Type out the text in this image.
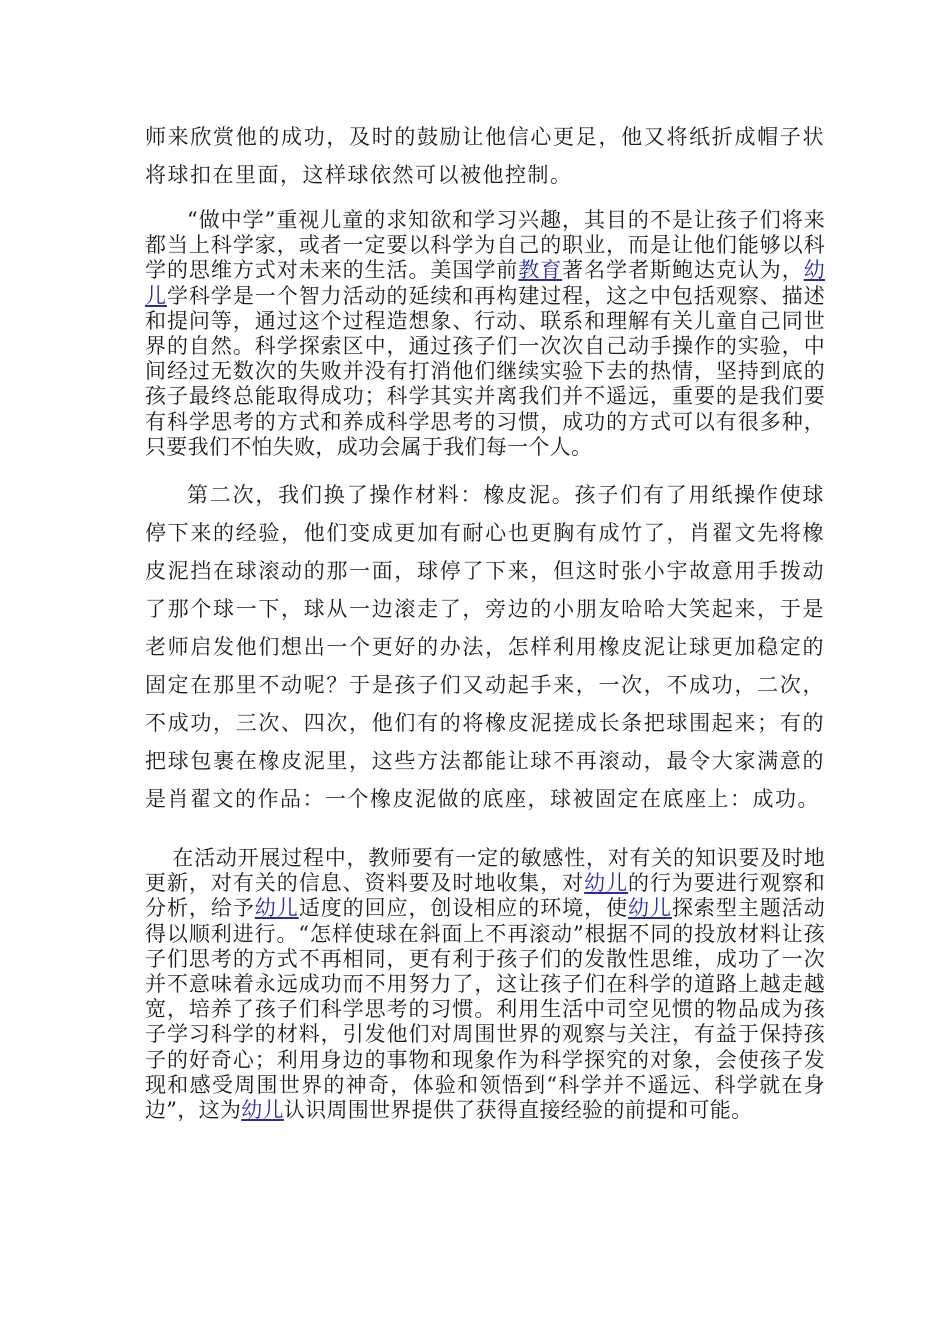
师来欣赏他的成功，及时的鼓励让他信心更足，他又将纸折成帽子状将球扣在里面，这样球依然可以被他控制。

“做中学”重视儿童的求知欲和学习兴趣，其目的不是让孩子们将来都当上科学家，或者一定要以科学为自己的职业，而是让他们能够以科学的思维方式对未来的生活。美国学前教育著名学者斯鲍达克认为，幼儿学科学是一个智力活动的延续和再构建过程，这之中包括观察、描述和提问等，通过这个过程造想象、行动、联系和理解有关儿童自己同世界的自然。科学探索区中，通过孩子们一次次自己动手操作的实验，中间经过无数次的失败并没有打消他们继续实验下去的热情，坚持到底的孩子最终总能取得成功；科学其实并离我们并不遥远，重要的是我们要有科学思考的方式和养成科学思考的习惯，成功的方式可以有很多种，只要我们不怕失败，成功会属于我们每一个人。

第二次，我们换了操作材料：橡皮泥。孩子们有了用纸操作使球停下来的经验，他们变成更加有耐心也更胸有成竹了，肖翟文先将橡皮泥挡在球滚动的那一面，球停了下来，但这时张小宇故意用手拨动了那个球一下，球从一边滚走了，旁边的小朋友哈哈大笑起来，于是老师启发他们想出一个更好的办法，怎样利用橡皮泥让球更加稳定的固定在那里不动呢？于是孩子们又动起手来，一次，不成功，二次，不成功，三次、四次，他们有的将橡皮泥搓成长条把球围起来；有的把球包裹在橡皮泥里，这些方法都能让球不再滚动，最令大家满意的是肖翟文的作品：一个橡皮泥做的底座，球被固定在底座上：成功。

在活动开展过程中，教师要有一定的敏感性，对有关的知识要及时地更新，对有关的信息、资料要及时地收集，对幼儿的行为要进行观察和分析，给予幼儿适度的回应，创设相应的环境，使幼儿探索型主题活动得以顺利进行。“怎样使球在斜面上不再滚动”根据不同的投放材料让孩子们思考的方式不再相同，更有利于孩子们的发散性思维，成功了一次并不意味着永远成功而不用努力了，这让孩子们在科学的道路上越走越宽，培养了孩子们科学思考的习惯。利用生活中司空见惯的物品成为孩子学习科学的材料，引发他们对周围世界的观察与关注，有益于保持孩子的好奇心；利用身边的事物和现象作为科学探究的对象，会使孩子发现和感受周围世界的神奇，体验和领悟到“科学并不遥远、科学就在身边”，这为幼儿认识周围世界提供了获得直接经验的前提和可能。
